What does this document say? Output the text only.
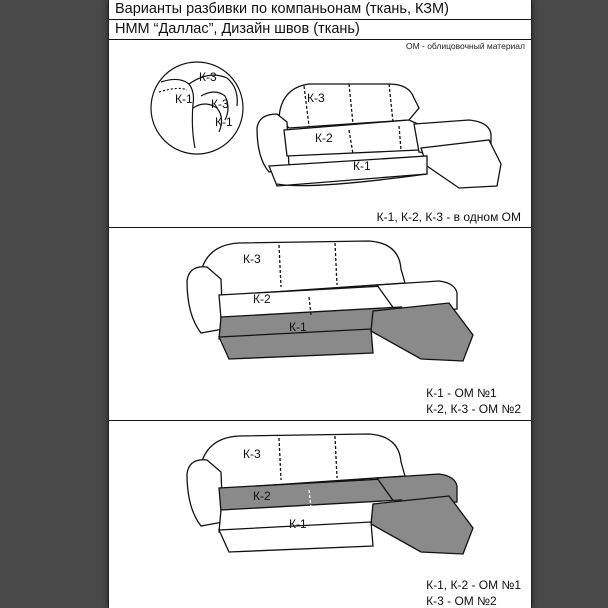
Варианты разбивки по компаньонам (ткань, КЗМ)
НММ “Даллас”, Дизайн швов (ткань)
ОМ - облицовочный материал
К-3
К-1 К-3
К-1
К-3
К-2
К-1
К-1, К-2, К-3 - в одном ОМ
К-3
К-2
К-1
К-1 - ОМ №1
К-2, К-3 - ОМ №2
К-3
К-2
К-1
К-1, К-2 - ОМ №1
К-3 - ОМ №2
